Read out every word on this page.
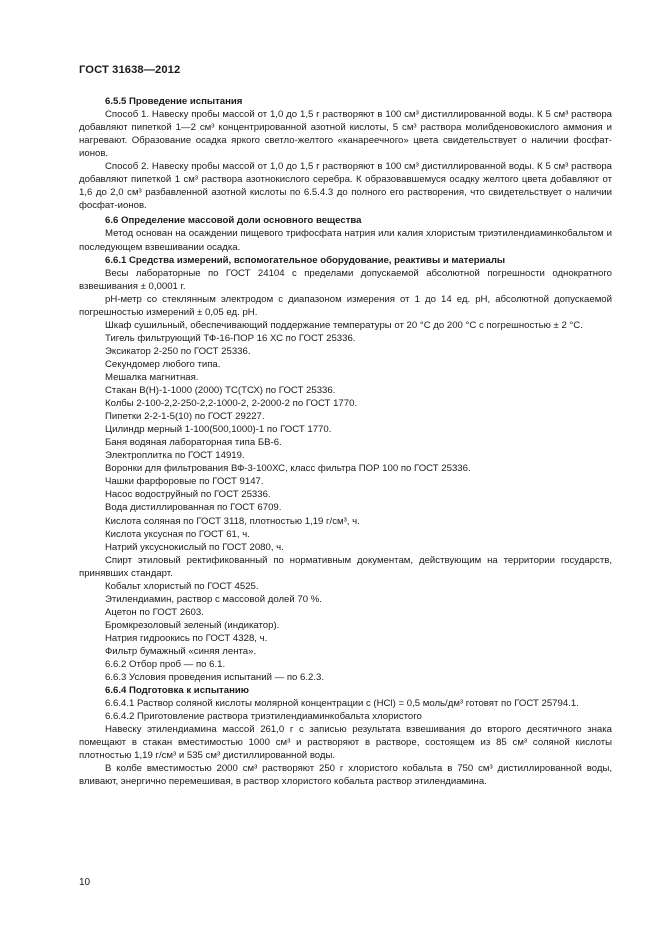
ГОСТ 31638—2012

6.5.5 Проведение испытания

Способ 1. Навеску пробы массой от 1,0 до 1,5 г растворяют в 100 см³ дистиллированной воды. К 5 см³ раствора добавляют пипеткой 1—2 см³ концентрированной азотной кислоты, 5 см³ раствора молибденовокислого аммония и нагревают. Образование осадка яркого светло-желтого «канареечного» цвета свидетельствует о наличии фосфат-ионов.

Способ 2. Навеску пробы массой от 1,0 до 1,5 г растворяют в 100 см³ дистиллированной воды. К 5 см³ раствора добавляют пипеткой 1 см³ раствора азотнокислого серебра. К образовавшемуся осадку желтого цвета добавляют от 1,6 до 2,0 см³ разбавленной азотной кислоты по 6.5.4.3 до полного его растворения, что свидетельствует о наличии фосфат-ионов.

6.6 Определение массовой доли основного вещества

Метод основан на осаждении пищевого трифосфата натрия или калия хлористым триэтилендиаминкобальтом и последующем взвешивании осадка.

6.6.1 Средства измерений, вспомогательное оборудование, реактивы и материалы

Весы лабораторные по ГОСТ 24104 с пределами допускаемой абсолютной погрешности однократного взвешивания ± 0,0001 г.

pH-метр со стеклянным электродом с диапазоном измерения от 1 до 14 ед. pH, абсолютной допускаемой погрешностью измерений ± 0,05 ед. pH.

Шкаф сушильный, обеспечивающий поддержание температуры от 20 °С до 200 °С с погрешностью ± 2 °С.

Тигель фильтрующий ТФ-16-ПОР 16 ХС по ГОСТ 25336.

Эксикатор 2-250 по ГОСТ 25336.

Секундомер любого типа.

Мешалка магнитная.

Стакан В(Н)-1-1000 (2000) ТС(ТСХ) по ГОСТ 25336.

Колбы 2-100-2,2-250-2,2-1000-2, 2-2000-2 по ГОСТ 1770.

Пипетки 2-2-1-5(10) по ГОСТ 29227.

Цилиндр мерный 1-100(500,1000)-1 по ГОСТ 1770.

Баня водяная лабораторная типа БВ-6.

Электроплитка по ГОСТ 14919.

Воронки для фильтрования ВФ-3-100ХС, класс фильтра ПОР 100 по ГОСТ 25336.

Чашки фарфоровые по ГОСТ 9147.

Насос водоструйный по ГОСТ 25336.

Вода дистиллированная по ГОСТ 6709.

Кислота соляная по ГОСТ 3118, плотностью 1,19 г/см³, ч.

Кислота уксусная по ГОСТ 61, ч.

Натрий уксуснокислый по ГОСТ 2080, ч.

Спирт этиловый ректификованный по нормативным документам, действующим на территории государств, принявших стандарт.

Кобальт хлористый по ГОСТ 4525.

Этилендиамин, раствор с массовой долей 70 %.

Ацетон по ГОСТ 2603.

Бромкрезоловый зеленый (индикатор).

Натрия гидроокись по ГОСТ 4328, ч.

Фильтр бумажный «синяя лента».

6.6.2 Отбор проб — по 6.1.

6.6.3 Условия проведения испытаний — по 6.2.3.

6.6.4 Подготовка к испытанию

6.6.4.1 Раствор соляной кислоты молярной концентрации c (HCl) = 0,5 моль/дм³ готовят по ГОСТ 25794.1.

6.6.4.2 Приготовление раствора триэтилендиаминкобальта хлористого

Навеску этилендиамина массой 261,0 г с записью результата взвешивания до второго десятичного знака помещают в стакан вместимостью 1000 см³ и растворяют в растворе, состоящем из 85 см³ соляной кислоты плотностью 1,19 г/см³ и 535 см³ дистиллированной воды.

В колбе вместимостью 2000 см³ растворяют 250 г хлористого кобальта в 750 см³ дистиллированной воды, вливают, энергично перемешивая, в раствор хлористого кобальта раствор этилендиамина.

10
